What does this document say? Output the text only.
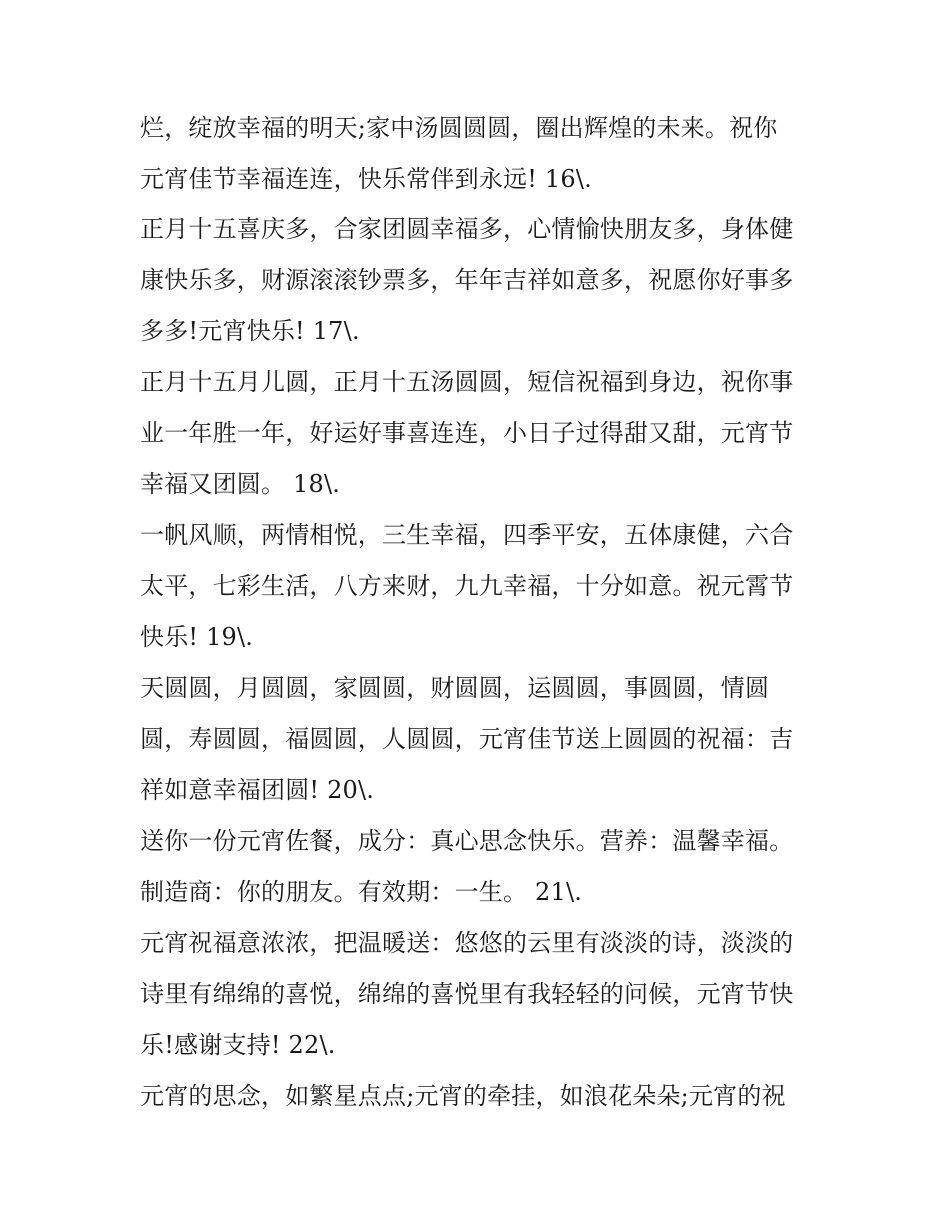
烂，绽放幸福的明天;家中汤圆圆圆，圈出辉煌的未来。祝你
元宵佳节幸福连连，快乐常伴到永远! 16\.
正月十五喜庆多，合家团圆幸福多，心情愉快朋友多，身体健
康快乐多，财源滚滚钞票多，年年吉祥如意多，祝愿你好事多
多多!元宵快乐! 17\.
正月十五月儿圆，正月十五汤圆圆，短信祝福到身边，祝你事
业一年胜一年，好运好事喜连连，小日子过得甜又甜，元宵节
幸福又团圆。 18\.
一帆风顺，两情相悦，三生幸福，四季平安，五体康健，六合
太平，七彩生活，八方来财，九九幸福，十分如意。祝元霄节
快乐! 19\.
天圆圆，月圆圆，家圆圆，财圆圆，运圆圆，事圆圆，情圆
圆，寿圆圆，福圆圆，人圆圆，元宵佳节送上圆圆的祝福：吉
祥如意幸福团圆! 20\.
送你一份元宵佐餐，成分：真心思念快乐。营养：温馨幸福。
制造商：你的朋友。有效期：一生。 21\.
元宵祝福意浓浓，把温暖送：悠悠的云里有淡淡的诗，淡淡的
诗里有绵绵的喜悦，绵绵的喜悦里有我轻轻的问候，元宵节快
乐!感谢支持! 22\.
元宵的思念，如繁星点点;元宵的牵挂，如浪花朵朵;元宵的祝
